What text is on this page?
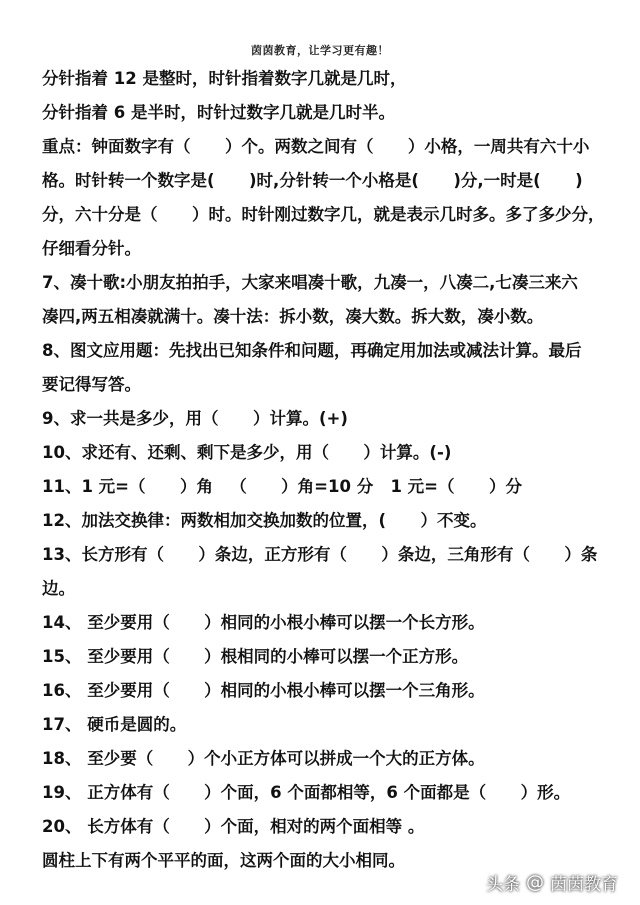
茵茵教育，让学习更有趣！
分针指着 12 是整时，时针指着数字几就是几时，
分针指着 6 是半时，时针过数字几就是几时半。
重点：钟面数字有（      ）个。两数之间有（      ）小格，一周共有六十小
格。时针转一个数字是(      )时,分针转一个小格是(      )分,一时是(      )
分，六十分是（      ）时。时针刚过数字几，就是表示几时多。多了多少分，
仔细看分针。
7、凑十歌:小朋友拍拍手，大家来唱凑十歌，九凑一，八凑二,七凑三来六
凑四,两五相凑就满十。凑十法：拆小数，凑大数。拆大数，凑小数。
8、图文应用题：先找出已知条件和问题，再确定用加法或减法计算。最后
要记得写答。
9、求一共是多少，用（      ）计算。(+)
10、求还有、还剩、剩下是多少，用（      ）计算。(-)
11、1 元=（      ）角   （      ）角=10 分   1 元=（      ）分
12、加法交换律：两数相加交换加数的位置，(      ）不变。
13、长方形有（      ）条边，正方形有（      ）条边，三角形有（      ）条
边。
14、 至少要用（      ）相同的小根小棒可以摆一个长方形。
15、 至少要用（      ）根相同的小棒可以摆一个正方形。
16、 至少要用（      ）相同的小根小棒可以摆一个三角形。
17、 硬币是圆的。
18、 至少要（      ）个小正方体可以拼成一个大的正方体。
19、 正方体有（      ）个面，6 个面都相等，6 个面都是（      ）形。
20、 长方体有（      ）个面，相对的两个面相等 。
圆柱上下有两个平平的面，这两个面的大小相同。
头条 @ 茵茵教育
